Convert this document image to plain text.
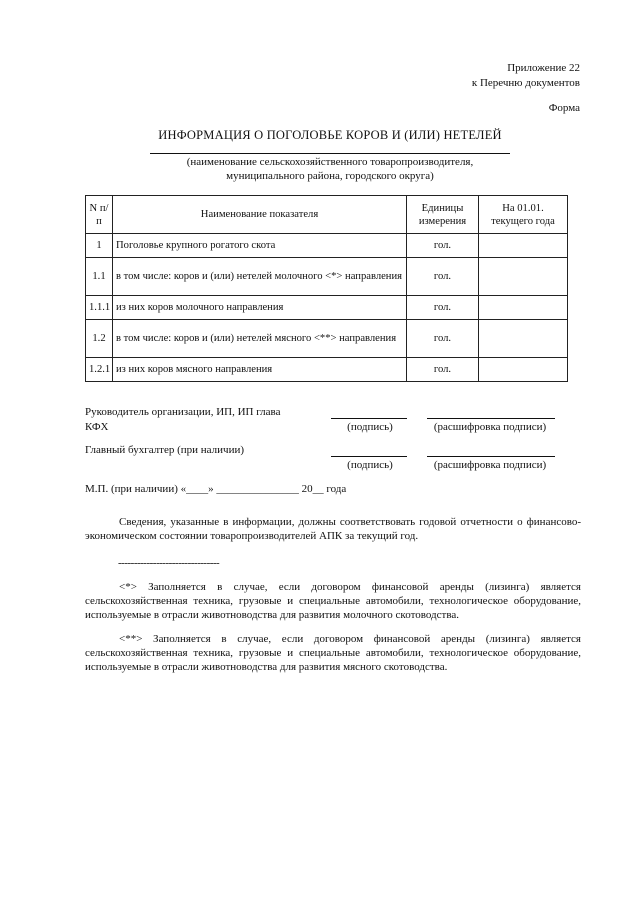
Приложение 22
к Перечню документов
Форма
ИНФОРМАЦИЯ О ПОГОЛОВЬЕ КОРОВ И (ИЛИ) НЕТЕЛЕЙ
(наименование сельскохозяйственного товаропроизводителя,
муниципального района, городского округа)
N п/п	Наименование показателя	Единицы измерения	На 01.01. текущего года
1	Поголовье крупного рогатого скота	гол.	
1.1	в том числе: коров и (или) нетелей молочного <*> направления	гол.	
1.1.1	из них коров молочного направления	гол.	
1.2	в том числе: коров и (или) нетелей мясного <**> направления	гол.	
1.2.1	из них коров мясного направления	гол.	
Руководитель организации, ИП, ИП глава
КФХ	(подпись)	(расшифровка подписи)
Главный бухгалтер (при наличии)
(подпись)	(расшифровка подписи)
М.П. (при наличии) «____» _______________ 20__ года
Сведения, указанные в информации, должны соответствовать годовой отчетности о финансово-экономическом состоянии товаропроизводителей АПК за текущий год.
--------------------------------
<*> Заполняется в случае, если договором финансовой аренды (лизинга) является сельскохозяйственная техника, грузовые и специальные автомобили, технологическое оборудование, используемые в отрасли животноводства для развития молочного скотоводства.
<**> Заполняется в случае, если договором финансовой аренды (лизинга) является сельскохозяйственная техника, грузовые и специальные автомобили, технологическое оборудование, используемые в отрасли животноводства для развития мясного скотоводства.
